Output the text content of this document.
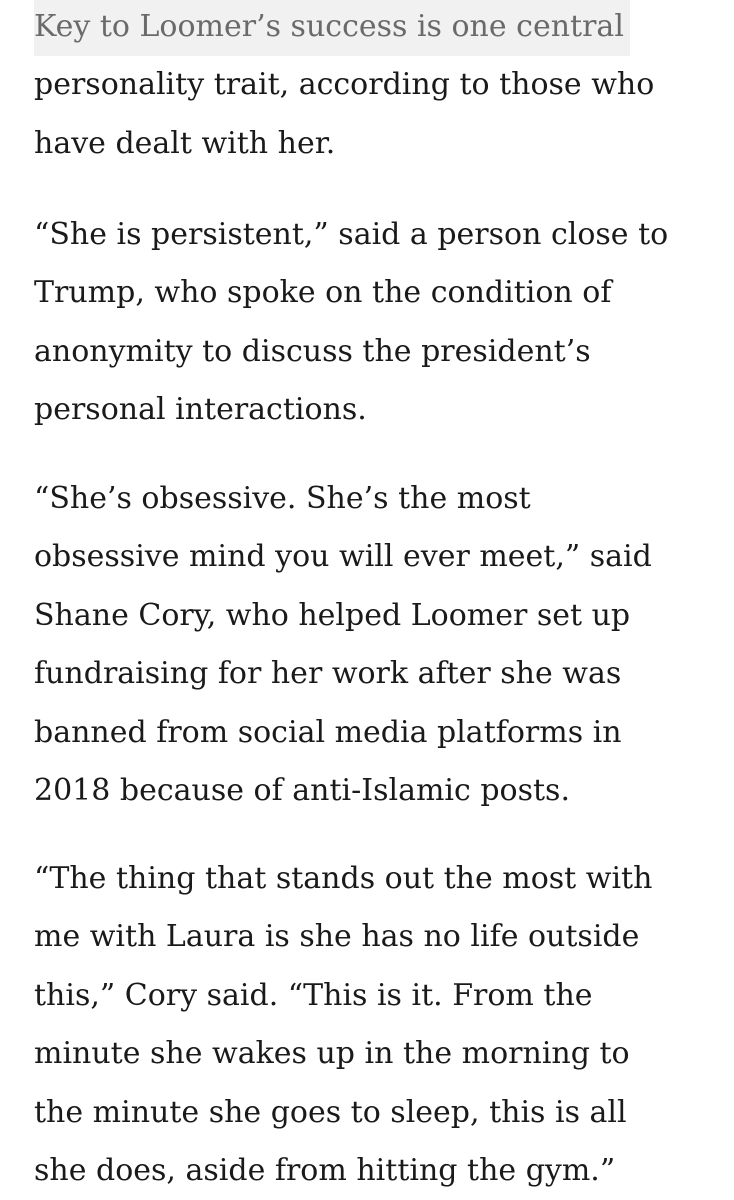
Key to Loomer’s success is one central
personality trait, according to those who
have dealt with her.
“She is persistent,” said a person close to
Trump, who spoke on the condition of
anonymity to discuss the president’s
personal interactions.
“She’s obsessive. She’s the most
obsessive mind you will ever meet,” said
Shane Cory, who helped Loomer set up
fundraising for her work after she was
banned from social media platforms in
2018 because of anti-Islamic posts.
“The thing that stands out the most with
me with Laura is she has no life outside
this,” Cory said. “This is it. From the
minute she wakes up in the morning to
the minute she goes to sleep, this is all
she does, aside from hitting the gym.”
